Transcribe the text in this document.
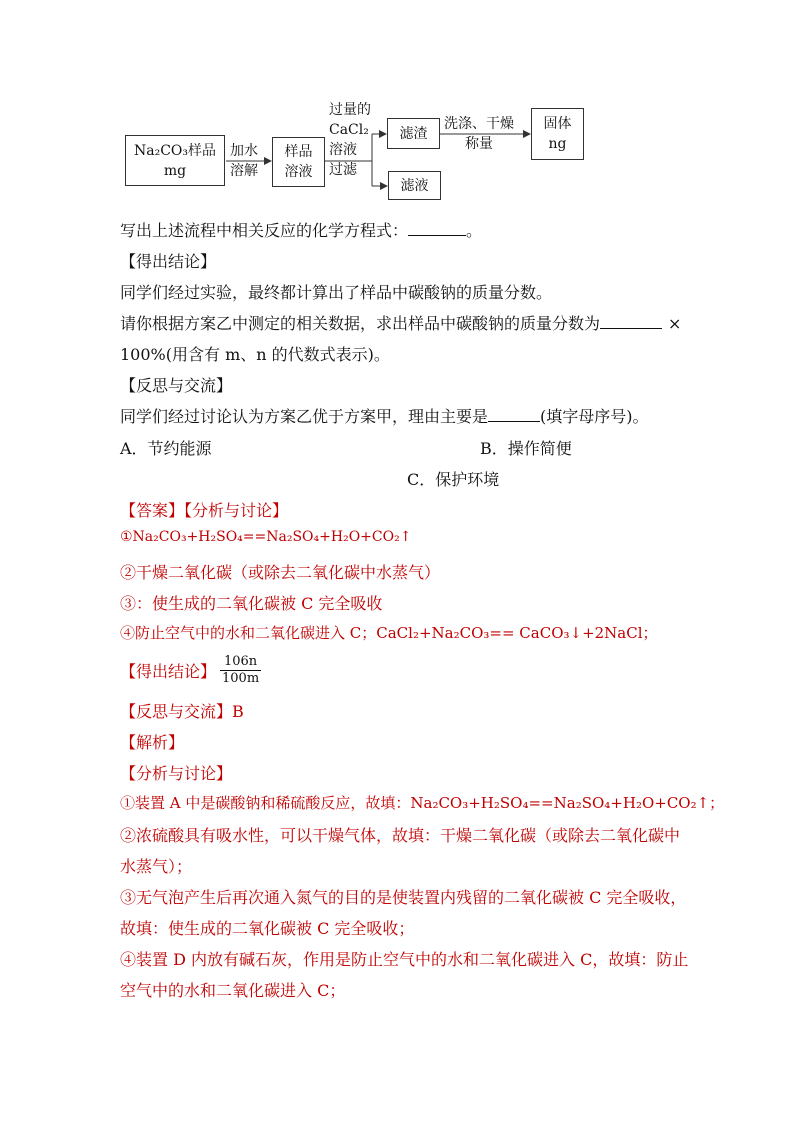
Na₂CO₃样品
mg
加水
溶解
样品
溶液
过量的
CaCl₂
溶液
过滤
滤渣
洗涤、干燥
称量
固体
ng
滤液
写出上述流程中相关反应的化学方程式：	。
【得出结论】
同学们经过实验，最终都计算出了样品中碳酸钠的质量分数。
请你根据方案乙中测定的相关数据，求出样品中碳酸钠的质量分数为	×
100%(用含有 m、n 的代数式表示)。
【反思与交流】
同学们经过讨论认为方案乙优于方案甲，理由主要是	(填字母序号)。
A．节约能源	B．操作简便
C．保护环境
【答案】【分析与讨论】
①Na₂CO₃+H₂SO₄==Na₂SO₄+H₂O+CO₂↑
②干燥二氧化碳（或除去二氧化碳中水蒸气）
③：使生成的二氧化碳被 C 完全吸收
④防止空气中的水和二氧化碳进入 C；CaCl₂+Na₂CO₃== CaCO₃↓+2NaCl；
【得出结论】 $\frac{106n}{100m}$
【反思与交流】B
【解析】
【分析与讨论】
①装置 A 中是碳酸钠和稀硫酸反应，故填：Na₂CO₃+H₂SO₄==Na₂SO₄+H₂O+CO₂↑；
②浓硫酸具有吸水性，可以干燥气体，故填：干燥二氧化碳（或除去二氧化碳中
水蒸气）；
③无气泡产生后再次通入氮气的目的是使装置内残留的二氧化碳被 C 完全吸收，
故填：使生成的二氧化碳被 C 完全吸收；
④装置 D 内放有碱石灰，作用是防止空气中的水和二氧化碳进入 C，故填：防止
空气中的水和二氧化碳进入 C；
